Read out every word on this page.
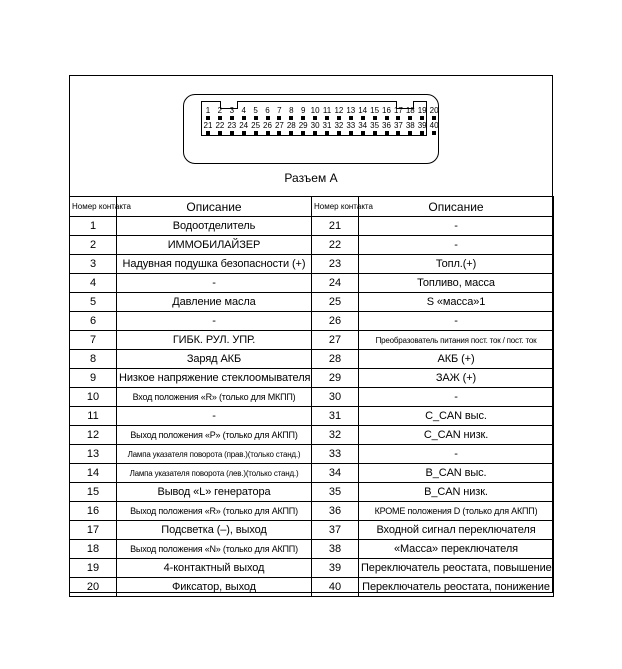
1 2 3 4 5 6 7 8 9 10 11 12 13 14 15 16 17 18 19 20
21 22 23 24 25 26 27 28 29 30 31 32 33 34 35 36 37 38 39 40
Разъем А
Номер контакта	Описание	Номер контакта	Описание
1	Водоотделитель	21	-
2	ИММОБИЛАЙЗЕР	22	-
3	Надувная подушка безопасности (+)	23	Топл.(+)
4	-	24	Топливо, масса
5	Давление масла	25	S «масса»1
6	-	26	-
7	ГИБК. РУЛ. УПР.	27	Преобразователь питания пост. ток / пост. ток
8	Заряд АКБ	28	АКБ (+)
9	Низкое напряжение стеклоомывателя	29	ЗАЖ (+)
10	Вход положения «R» (только для МКПП)	30	-
11	-	31	C_CAN выс.
12	Выход положения «P» (только для АКПП)	32	C_CAN низк.
13	Лампа указателя поворота (прав.)(только станд.)	33	-
14	Лампа указателя поворота (лев.)(только станд.)	34	B_CAN выс.
15	Вывод «L» генератора	35	B_CAN низк.
16	Выход положения «R» (только для АКПП)	36	КРОМЕ положения D (только для АКПП)
17	Подсветка (–), выход	37	Входной сигнал переключателя
18	Выход положения «N» (только для АКПП)	38	«Масса» переключателя
19	4-контактный выход	39	Переключатель реостата, повышение
20	Фиксатор, выход	40	Переключатель реостата, понижение
